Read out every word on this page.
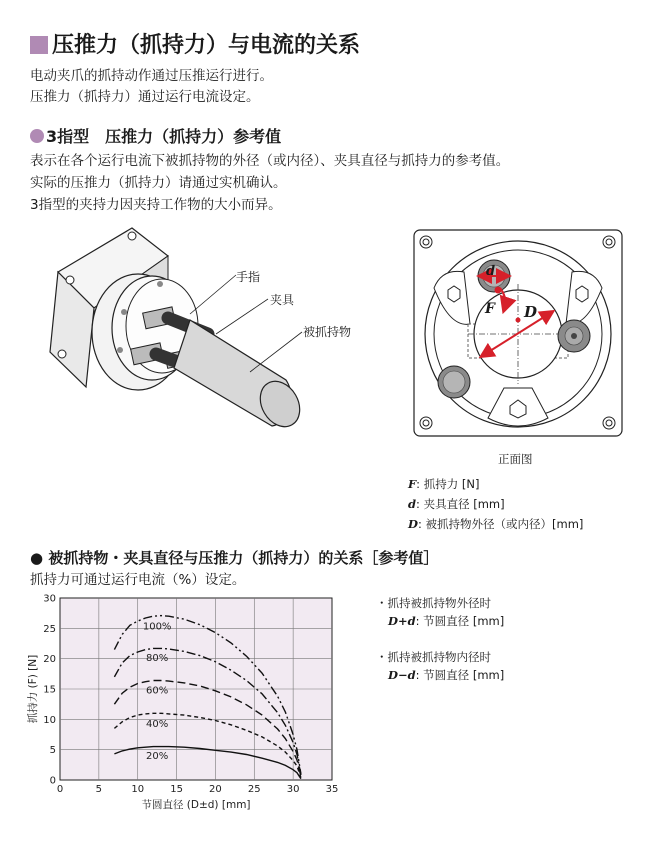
压推力（抓持力）与电流的关系
电动夹爪的抓持动作通过压推运行进行。
压推力（抓持力）通过运行电流设定。
3指型　压推力（抓持力）参考值
表示在各个运行电流下被抓持物的外径（或内径）、夹具直径与抓持力的参考值。
实际的压推力（抓持力）请通过实机确认。
3指型的夹持力因夹持工作物的大小而异。
手指
夹具
被抓持物
d
F D
正面图
F: 抓持力 [N]
d: 夹具直径 [mm]
D: 被抓持物外径（或内径）[mm]
● 被抓持物・夹具直径与压推力（抓持力）的关系［参考值］
抓持力可通过运行电流（%）设定。
0	5	10	15	20	25	30	35
0
5
10
15
20
25
30
节圆直径 (D±d) [mm]
抓持力 (F) [N]
100%
80%
60%
40%
20%
・抓持被抓持物外径时
D+d: 节圆直径 [mm]
・抓持被抓持物内径时
D−d: 节圆直径 [mm]
